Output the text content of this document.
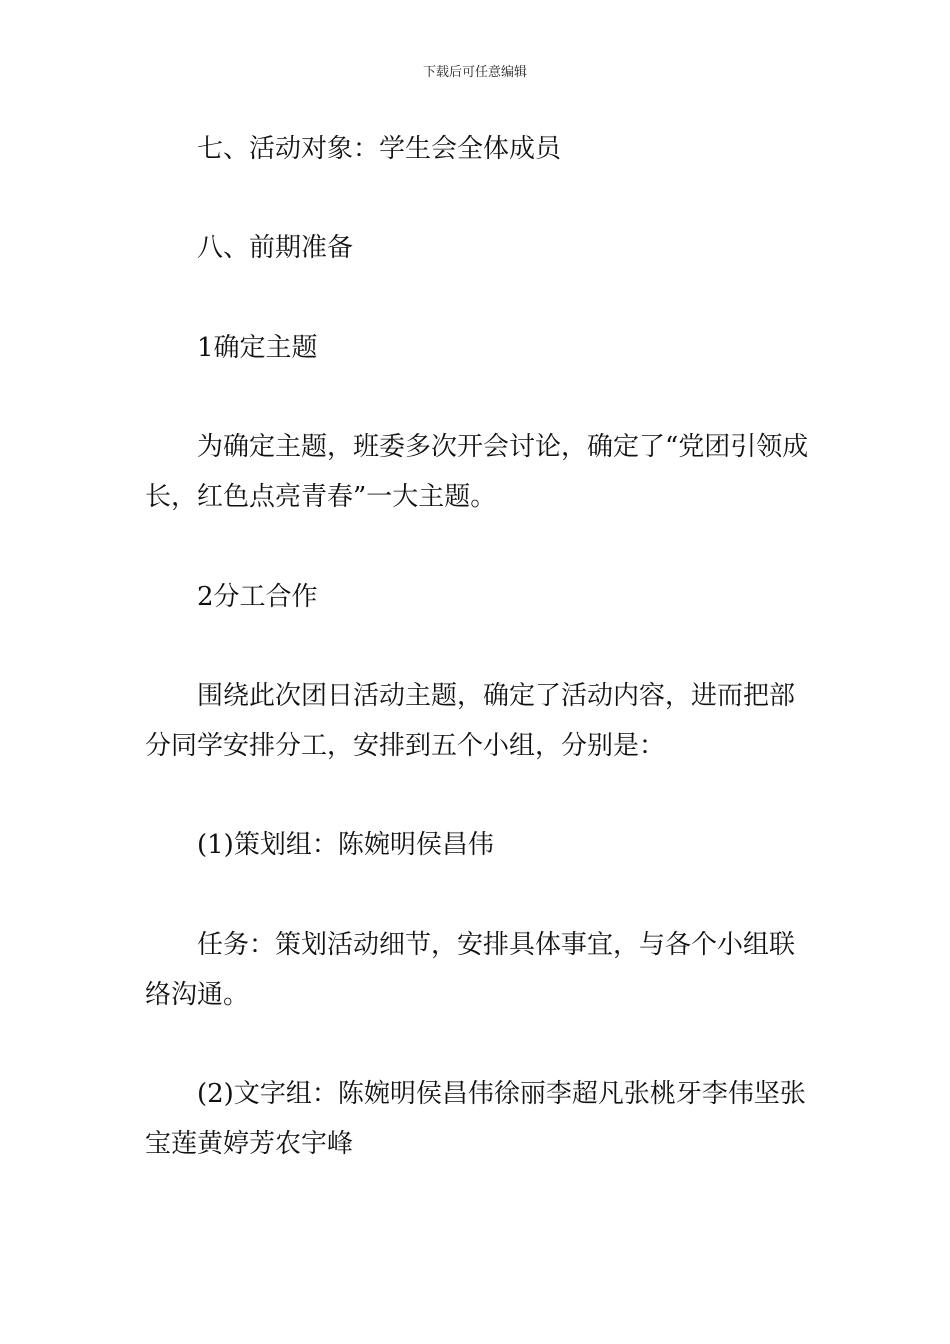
下载后可任意编辑
七、活动对象：学生会全体成员
八、前期准备
1确定主题
为确定主题，班委多次开会讨论，确定了“党团引领成长，红色点亮青春”一大主题。
2分工合作
围绕此次团日活动主题，确定了活动内容，进而把部分同学安排分工，安排到五个小组，分别是：
(1)策划组：陈婉明侯昌伟
任务：策划活动细节，安排具体事宜，与各个小组联络沟通。
(2)文字组：陈婉明侯昌伟徐丽李超凡张桃牙李伟坚张宝莲黄婷芳农宇峰
